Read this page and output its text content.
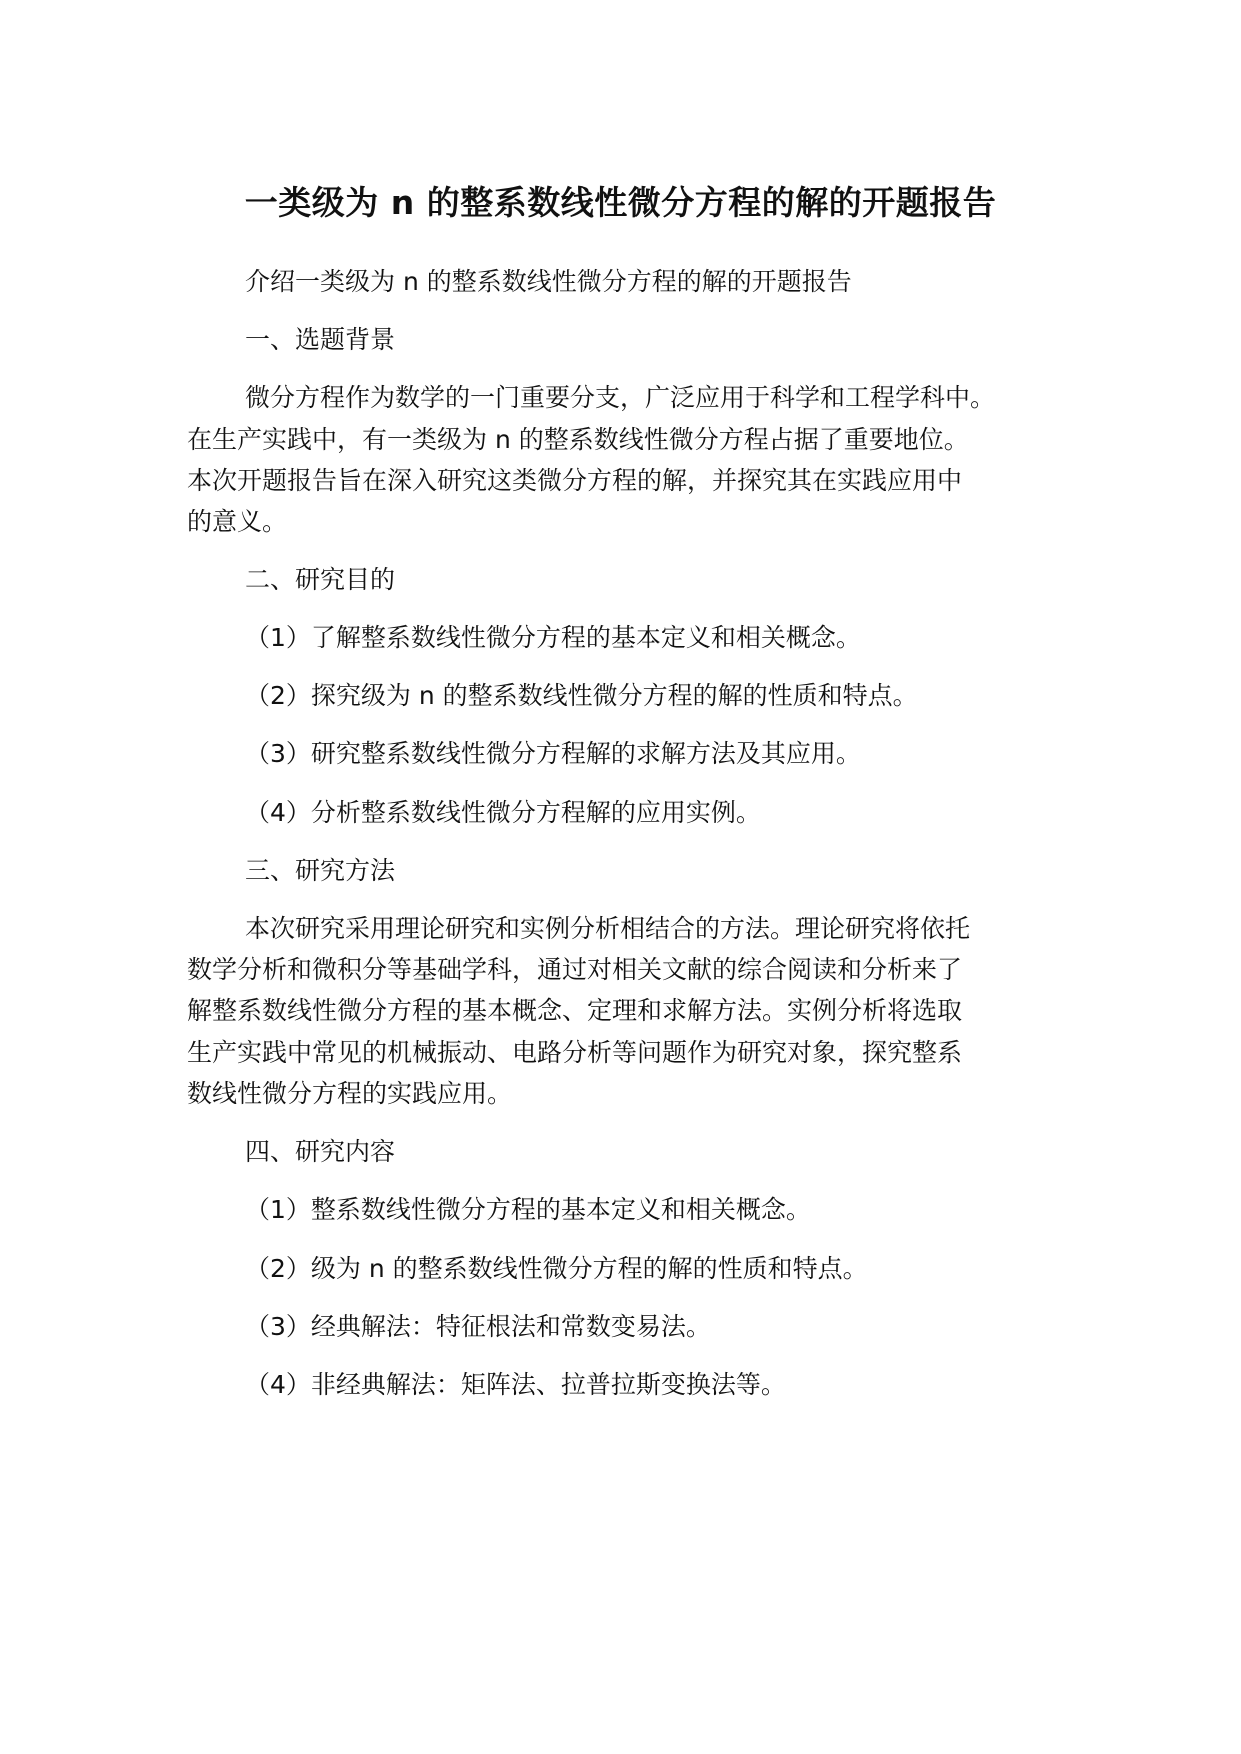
一类级为 n 的整系数线性微分方程的解的开题报告

介绍一类级为 n 的整系数线性微分方程的解的开题报告

一、选题背景

微分方程作为数学的一门重要分支，广泛应用于科学和工程学科中。

在生产实践中，有一类级为 n 的整系数线性微分方程占据了重要地位。

本次开题报告旨在深入研究这类微分方程的解，并探究其在实践应用中

的意义。

二、研究目的

（1）了解整系数线性微分方程的基本定义和相关概念。

（2）探究级为 n 的整系数线性微分方程的解的性质和特点。

（3）研究整系数线性微分方程解的求解方法及其应用。

（4）分析整系数线性微分方程解的应用实例。

三、研究方法

本次研究采用理论研究和实例分析相结合的方法。理论研究将依托

数学分析和微积分等基础学科，通过对相关文献的综合阅读和分析来了

解整系数线性微分方程的基本概念、定理和求解方法。实例分析将选取

生产实践中常见的机械振动、电路分析等问题作为研究对象，探究整系

数线性微分方程的实践应用。

四、研究内容

（1）整系数线性微分方程的基本定义和相关概念。

（2）级为 n 的整系数线性微分方程的解的性质和特点。

（3）经典解法：特征根法和常数变易法。

（4）非经典解法：矩阵法、拉普拉斯变换法等。
